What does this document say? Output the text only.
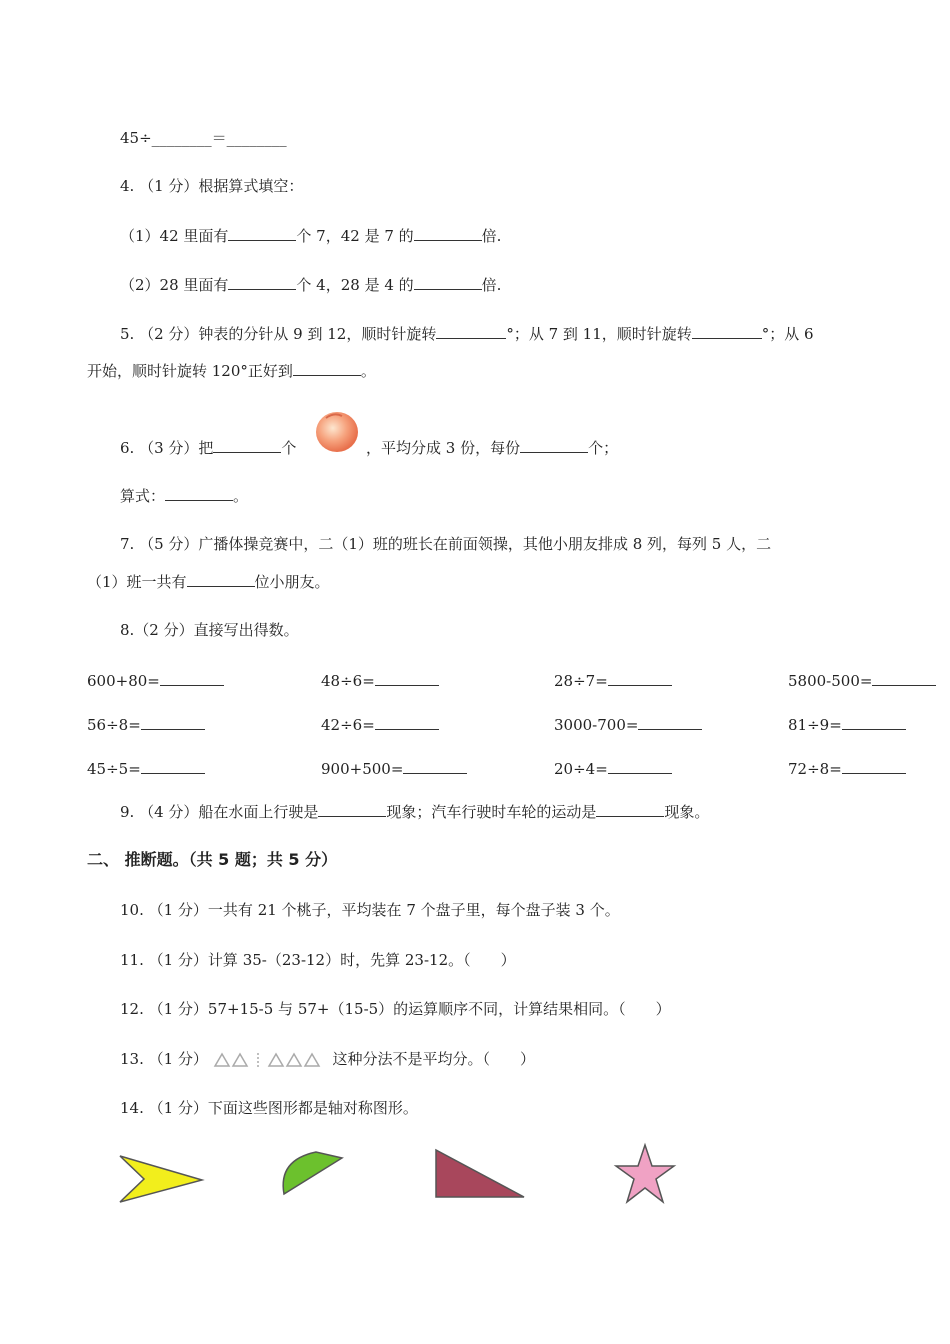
45÷________＝________
4. （1 分）根据算式填空：
（1）42 里面有	个 7，42 是 7 的	倍.
（2）28 里面有	个 4，28 是 4 的	倍.
5. （2 分）钟表的分针从 9 到 12，顺时针旋转	°；从 7 到 11，顺时针旋转	°；从 6
开始，顺时针旋转 120°正好到	。
6. （3 分）把	个	，平均分成 3 份，每份	个；
算式：	。
7. （5 分）广播体操竞赛中，二（1）班的班长在前面领操，其他小朋友排成 8 列，每列 5 人，二
（1）班一共有	位小朋友。
8.（2 分）直接写出得数。
600+80=	48÷6=	28÷7=	5800-500=
56÷8=	42÷6=	3000-700=	81÷9=
45÷5=	900+500=	20÷4=	72÷8=
9. （4 分）船在水面上行驶是	现象；汽车行驶时车轮的运动是	现象。
二、 推断题。（共 5 题；共 5 分）
10. （1 分）一共有 21 个桃子，平均装在 7 个盘子里，每个盘子装 3 个。
11. （1 分）计算 35-（23-12）时，先算 23-12。（　　）
12. （1 分）57+15-5 与 57+（15-5）的运算顺序不同，计算结果相同。（　　）
13. （1 分）	这种分法不是平均分。（　　）
14. （1 分）下面这些图形都是轴对称图形。
